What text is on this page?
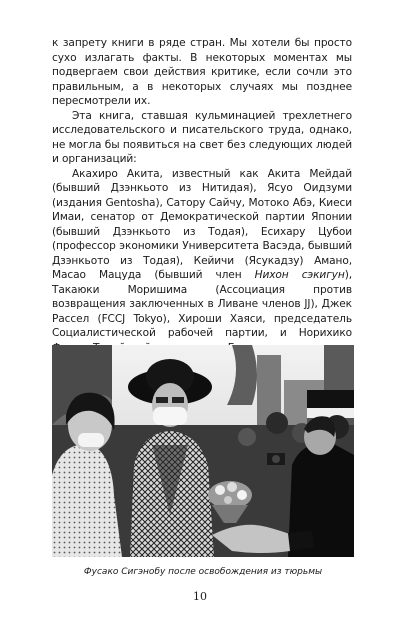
к запрету книги в ряде стран. Мы хотели бы просто сухо излагать факты. В некоторых моментах мы подвергаем свои действия критике, если сочли это правильным, а в некоторых случаях мы позднее пересмотрели их.

Эта книга, ставшая кульминацией трехлетнего исследовательского и писательского труда, однако, не могла бы появиться на свет без следующих людей и организаций:

Акахиро Акита, известный как Акита Мейдай (бывший Дзэнкьото из Нитидая), Ясуо Оидзуми (издания Gentosha), Сатору Сайчу, Мотоко Абэ, Киеси Имаи, сенатор от Демократической партии Японии (бывший Дзэнкьото из Тодая), Есихару Цубои (профессор экономики Университета Васэда, бывший Дзэнкьото из Тодая), Кейичи (Ясукадзу) Амано, Масао Мацуда (бывший член Нихон сэкигун), Такаюки Моришима (Ассоциация против возвращения заключенных в Ливане членов JJ), Джек Рассел (FCCJ Tokyo), Хироши Хаяси, председатель Социалистической рабочей партии, и Норихико

Фусако Сигэнобу после освобождения из тюрьмы
10
